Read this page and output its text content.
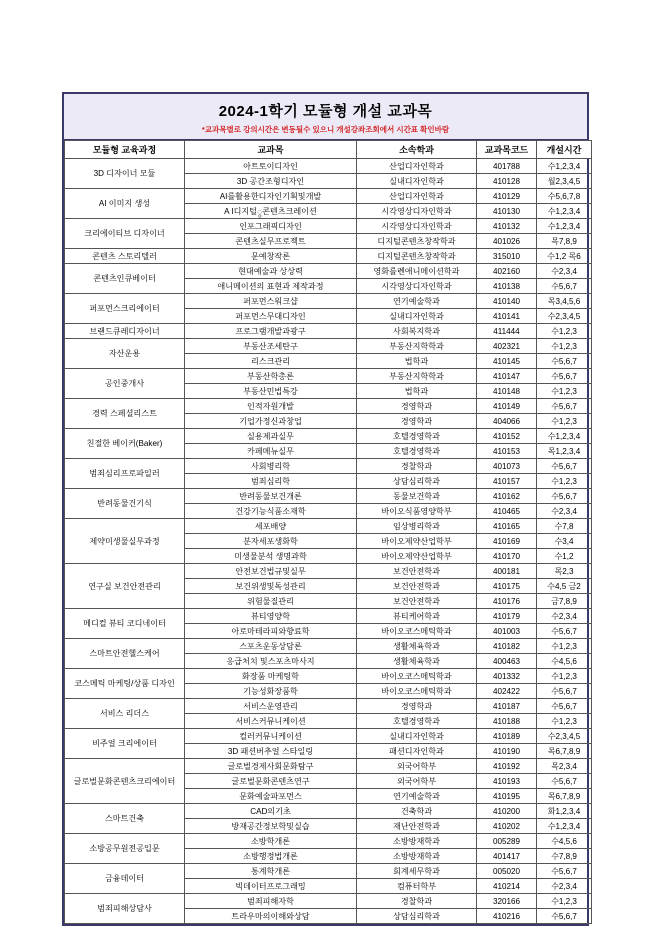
2024-1학기 모듈형 개설 교과목
*교과목별로 강의시간은 변동될수 있으니 개설강좌조회에서 시간표 확인바람
모듈형 교육과정	교과목	소속학과	교과목코드	개설시간
3D 디자이너 모듈	아트토이디자인	산업디자인학과	401788	수1,2,3,4
	3D 공간조형디자인	실내디자인학과	410128	월2,3,4,5
AI 이미지 생성	AI를활용한디자인기획및개발	산업디자인학과	410129	수5,6,7,8
	A I디지털ွ콘텐츠크레이션	시각영상디자인학과	410130	수1,2,3,4
크리에이티브 디자이너	인포그래픽디자인	시각영상디자인학과	410132	수1,2,3,4
	콘텐츠실무프로젝트	디지털콘텐츠창작학과	401026	목7,8,9
콘텐츠 스토리텔러	문예창작론	디지털콘텐츠창작학과	315010	수1,2 목6
콘텐츠인큐베이터	현대예술과 상상력	영화를롄애니메이션학과	402160	수2,3,4
	애니메이션의 표현과 제작과정	시각영상디자인학과	410138	수5,6,7
퍼포먼스크리에이터	퍼포먼스워크샵	연기예술학과	410140	목3,4,5,6
	퍼포먼스무대디자인	실내디자인학과	410141	수2,3,4,5
브랜드큐레디자이너	프로그램개발과광구	사회복지학과	411444	수1,2,3
자산운용	부동산조세탄구	부동산지학학과	402321	수1,2,3
	리스크관리	법학과	410145	수5,6,7
공인중개사	부동산학총론	부동산지학학과	410147	수5,6,7
	부동산민법특강	법학과	410148	수1,2,3
경력 스페셜리스트	인적자원개발	경영학과	410149	수5,6,7
	기업가정신과창업	경영학과	404066	수1,2,3
친절한 베이커(Baker)	실용제과실무	호텔경영학과	410152	수1,2,3,4
	카페메뉴실무	호텔경영학과	410153	목1,2,3,4
범죄심리프로파일러	사회병리학	경찰학과	401073	수5,6,7
	범죄심리학	상담심리학과	410157	수1,2,3
반려동물건기식	반려동물보건개론	동물보건학과	410162	수5,6,7
	건강기능식품소재학	바이오식품영양학부	410465	수2,3,4
제약미생물실무과정	세포배양	임상병리학과	410165	수7,8
	분자세포생화학	바이오제약산업학부	410169	수3,4
	미생물분석 생명과학	바이오제약산업학부	410170	수1,2
연구실 보건안전관리	안전보건법규및실무	보건안전학과	400181	목2,3
	보건위생및독성관리	보건안전학과	410175	수4,5 금2
	위험물질관리	보건안전학과	410176	금7,8,9
메디컬 뷰티 코디네이터	뷰티영양학	뷰티케어학과	410179	수2,3,4
	아로마테라피와향료학	바이오코스메틱학과	401003	수5,6,7
스마트안전헬스케어	스포츠운동상담론	생활체육학과	410182	수1,2,3
	응급처치 및스포츠마사지	생활체육학과	400463	수4,5,6
코스메틱 마케팅/상품 디자인	화장품 마케팅학	바이오코스메틱학과	401332	수1,2,3
	기능성화장품학	바이오코스메틱학과	402422	수5,6,7
서비스 리더스	서비스운영관리	경영학과	410187	수5,6,7
	서비스커뮤니케이션	호텔경영학과	410188	수1,2,3
비주얼 크리에이터	컬러커뮤니케이션	실내디자인학과	410189	수2,3,4,5
	3D 패션버추얼 스타일링	패션디자인학과	410190	목6,7,8,9
글로벌문화콘텐츠크리에이터	글로벌경제사회문화탐구	외국어학부	410192	목2,3,4
	글로벌문화콘텐츠연구	외국어학부	410193	수5,6,7
	문화예술파포먼스	연기예술학과	410195	목6,7,8,9
스마트건축	CAD의기초	건축학과	410200	화1,2,3,4
	방재공간정보학및실습	재난안전학과	410202	수1,2,3,4
소방공무원전공입문	소방학개론	소방방재학과	005289	수4,5,6
	소방행정법개론	소방방재학과	401417	수7,8,9
금융데이터	통계학개론	회계세무학과	005020	수5,6,7
	빅데이터프로그래밍	컴퓨터학부	410214	수2,3,4
범죄피해상담사	범죄피해자학	경찰학과	320166	수1,2,3
	트라우마의이해와상담	상담심리학과	410216	수5,6,7
